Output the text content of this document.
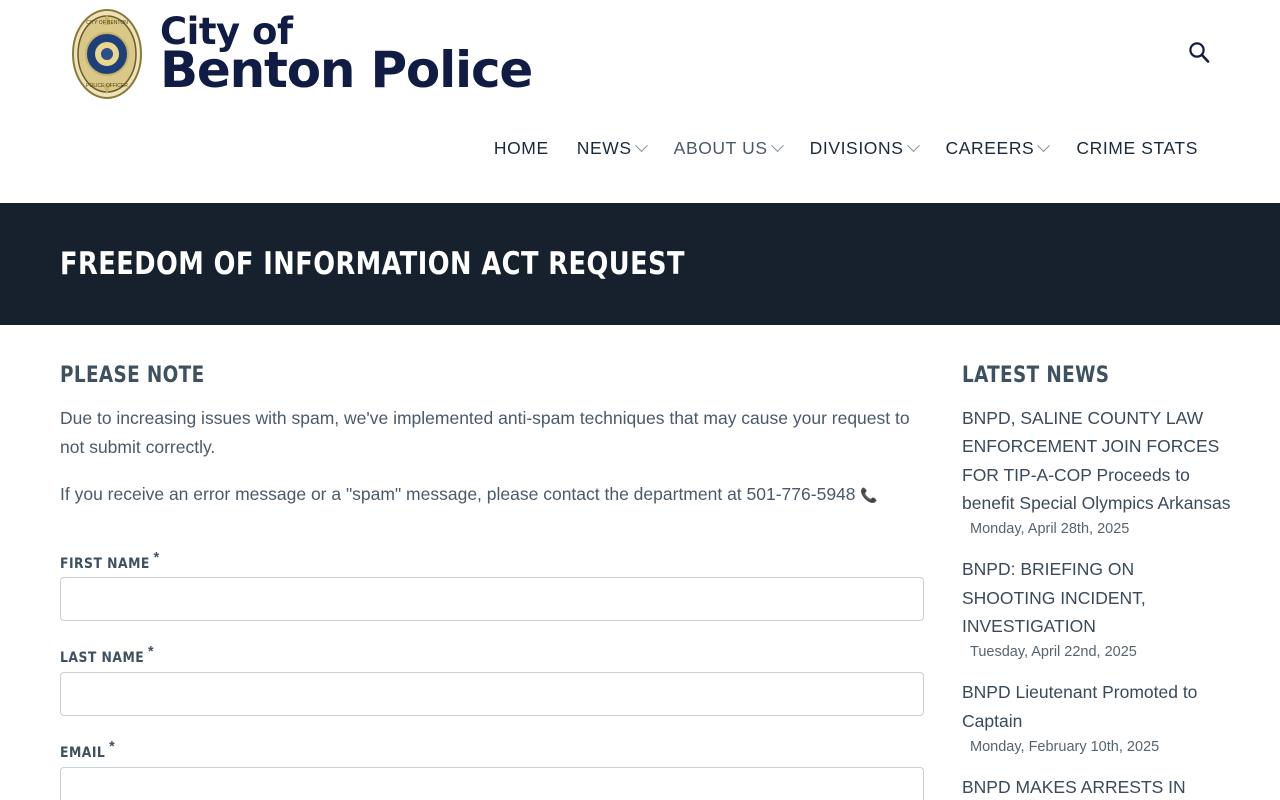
CITY OF BENTON
POLICE OFFICER
City of
Benton Police
HOME NEWS ABOUT US DIVISIONS CAREERS CRIME STATS
FREEDOM OF INFORMATION ACT REQUEST
PLEASE NOTE

Due to increasing issues with spam, we've implemented anti-spam techniques that may cause your request to not submit correctly.

If you receive an error message or a "spam" message, please contact the department at 501-776-5948 📞

FIRST NAME *
LAST NAME *
EMAIL *
LATEST NEWS
BNPD, SALINE COUNTY LAW ENFORCEMENT JOIN FORCES FOR TIP-A-COP Proceeds to benefit Special Olympics Arkansas
Monday, April 28th, 2025
BNPD: BRIEFING ON SHOOTING INCIDENT, INVESTIGATION
Tuesday, April 22nd, 2025
BNPD Lieutenant Promoted to Captain
Monday, February 10th, 2025
BNPD MAKES ARRESTS IN
